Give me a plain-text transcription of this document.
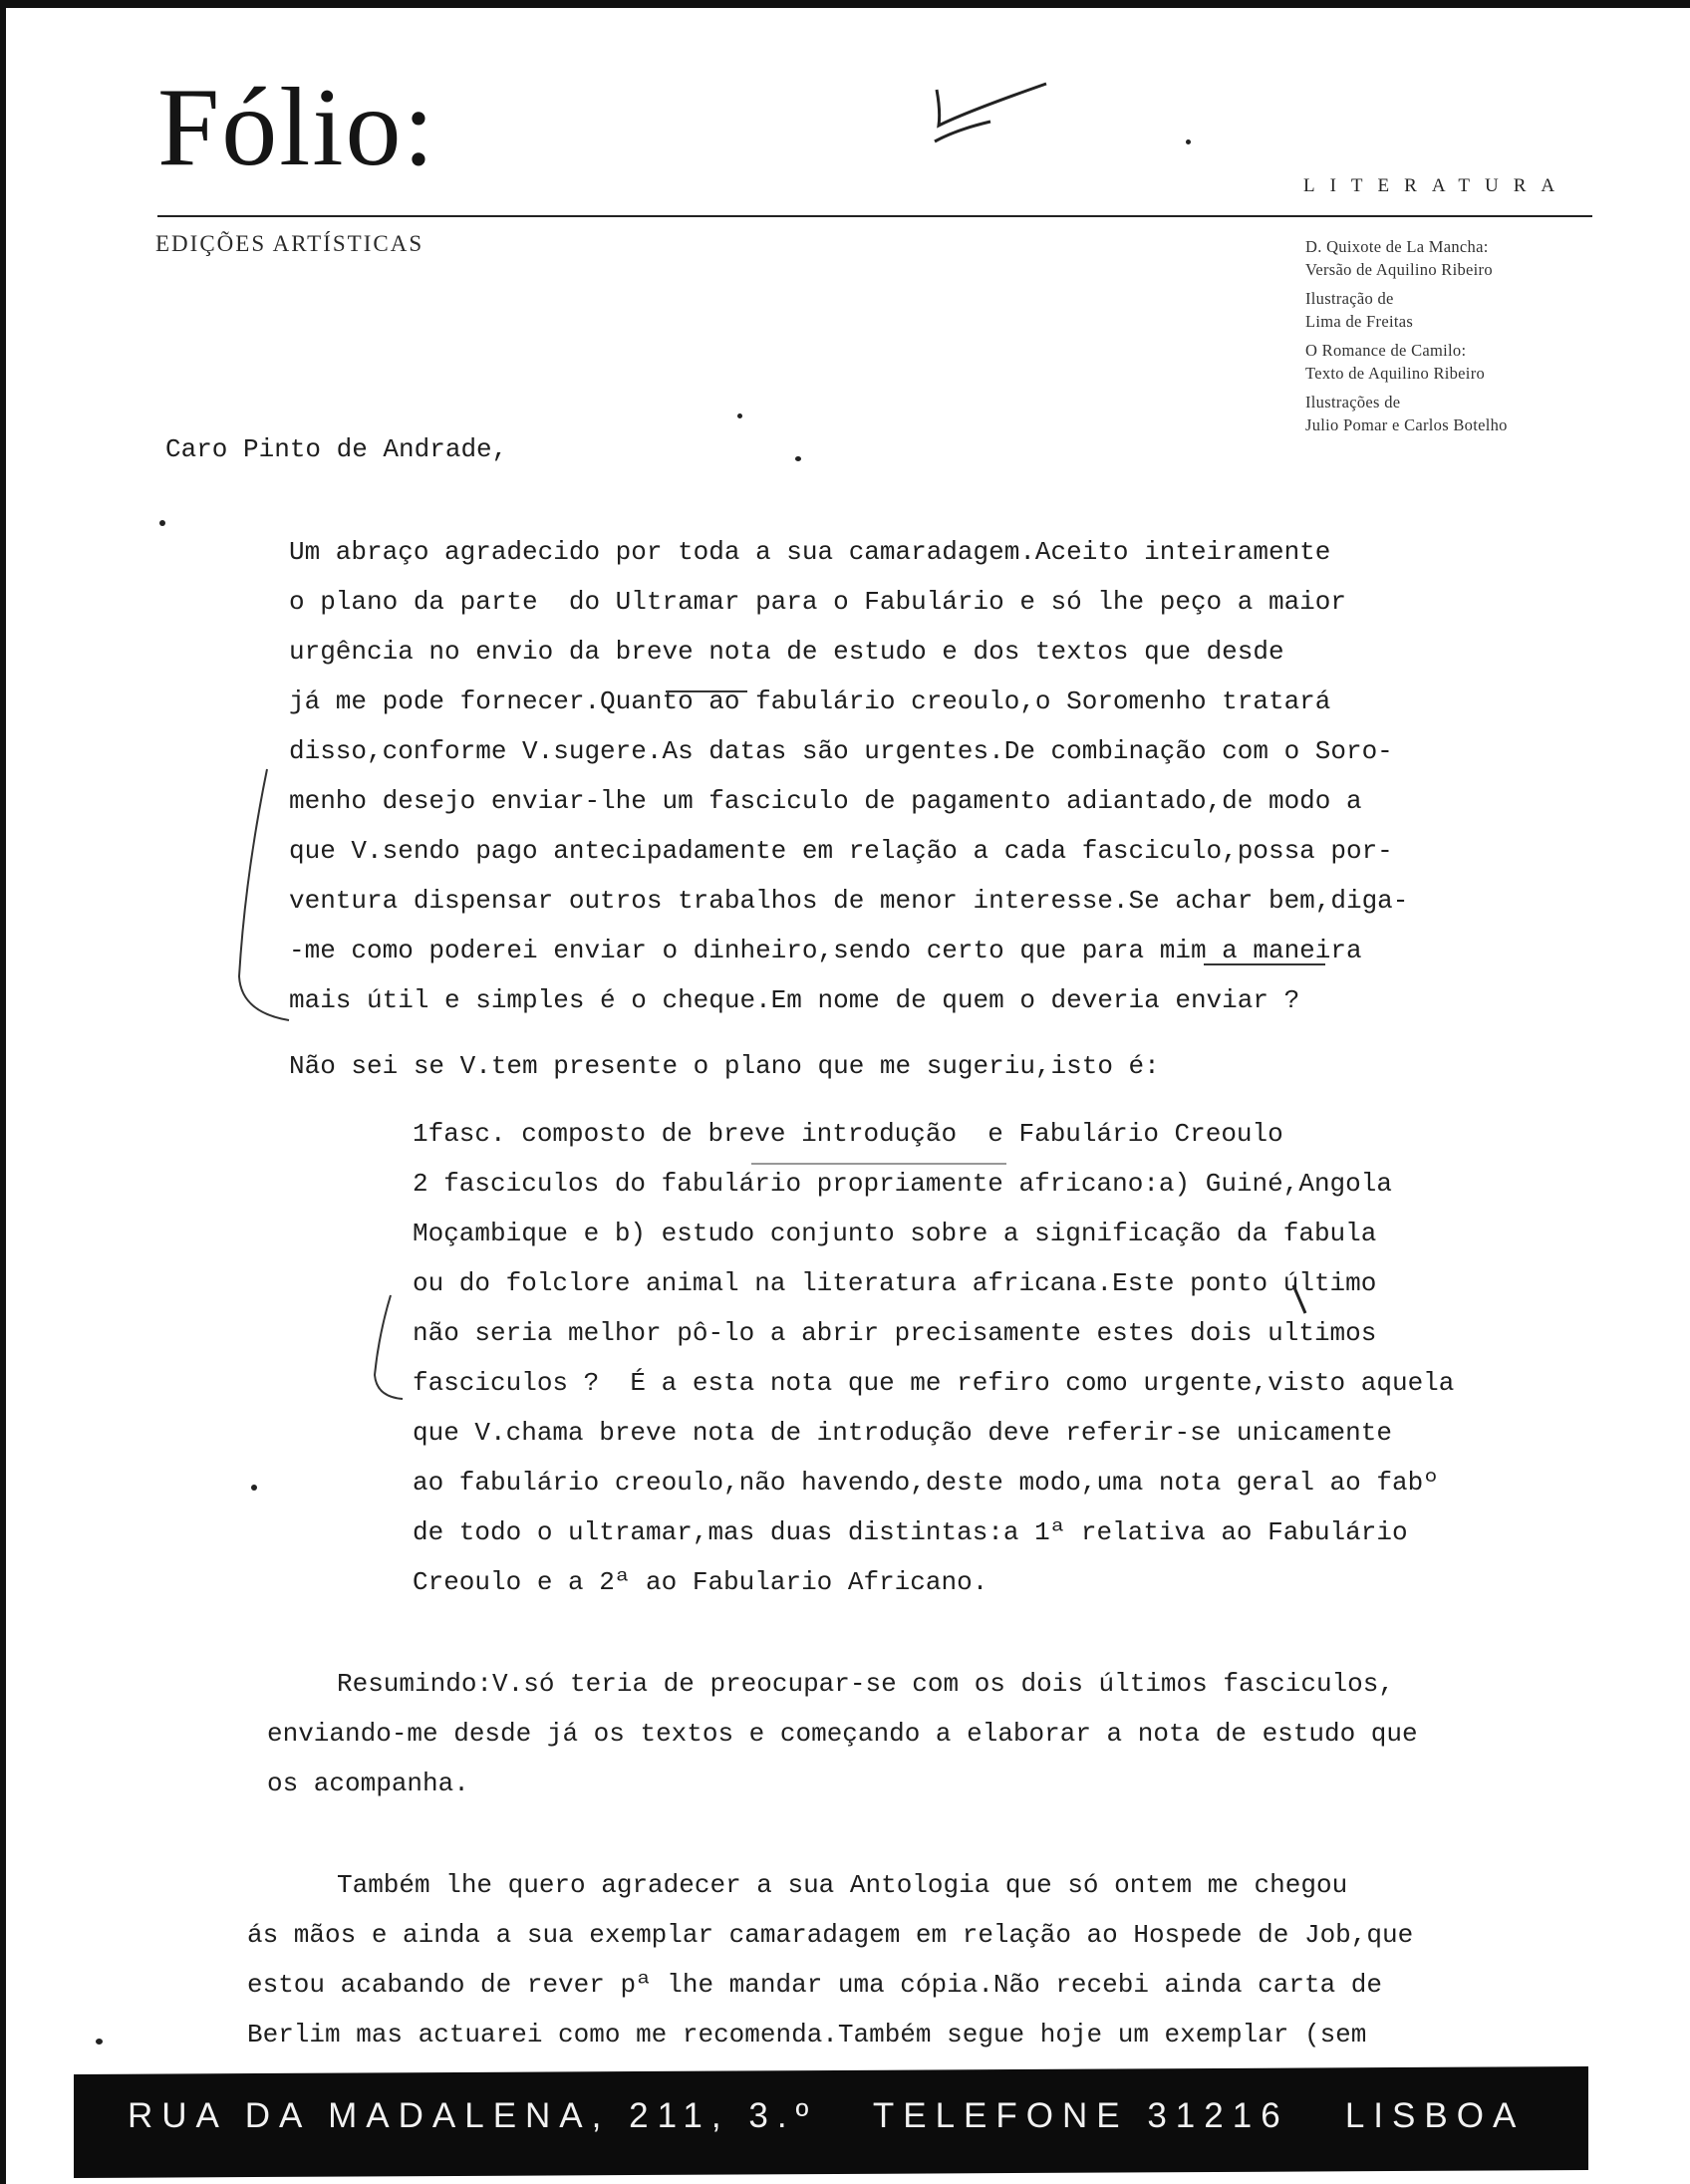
Fólio:	LITERATURA
EDIÇÕES ARTÍSTICAS	D. Quixote de La Mancha:
Versão de Aquilino Ribeiro
Ilustração de
Lima de Freitas
O Romance de Camilo:
Texto de Aquilino Ribeiro
Ilustrações de
Julio Pomar e Carlos Botelho
Caro Pinto de Andrade,
Um abraço agradecido por toda a sua camaradagem.Aceito inteiramente
o plano da parte  do Ultramar para o Fabulário e só lhe peço a maior
urgência no envio da breve nota de estudo e dos textos que desde
já me pode fornecer.Quanto ao fabulário creoulo,o Soromenho tratará
disso,conforme V.sugere.As datas são urgentes.De combinação com o Soro-
menho desejo enviar-lhe um fasciculo de pagamento adiantado,de modo a
que V.sendo pago antecipadamente em relação a cada fasciculo,possa por-
ventura dispensar outros trabalhos de menor interesse.Se achar bem,diga-
-me como poderei enviar o dinheiro,sendo certo que para mim a maneira
mais útil e simples é o cheque.Em nome de quem o deveria enviar ?
Não sei se V.tem presente o plano que me sugeriu,isto é:
1fasc. composto de breve introdução  e Fabulário Creoulo
2 fasciculos do fabulário propriamente africano:a) Guiné,Angola
Moçambique e b) estudo conjunto sobre a significação da fabula
ou do folclore animal na literatura africana.Este ponto último
não seria melhor pô-lo a abrir precisamente estes dois ultimos
fasciculos ?  É a esta nota que me refiro como urgente,visto aquela
que V.chama breve nota de introdução deve referir-se unicamente
ao fabulário creoulo,não havendo,deste modo,uma nota geral ao fabº
de todo o ultramar,mas duas distintas:a 1ª relativa ao Fabulário
Creoulo e a 2ª ao Fabulario Africano.
Resumindo:V.só teria de preocupar-se com os dois últimos fasciculos,
enviando-me desde já os textos e começando a elaborar a nota de estudo que
os acompanha.
Também lhe quero agradecer a sua Antologia que só ontem me chegou
ás mãos e ainda a sua exemplar camaradagem em relação ao Hospede de Job,que
estou acabando de rever pª lhe mandar uma cópia.Não recebi ainda carta de
Berlim mas actuarei como me recomenda.Também segue hoje um exemplar (sem
RUA DA MADALENA, 211, 3.º   TELEFONE 31216   LISBOA
